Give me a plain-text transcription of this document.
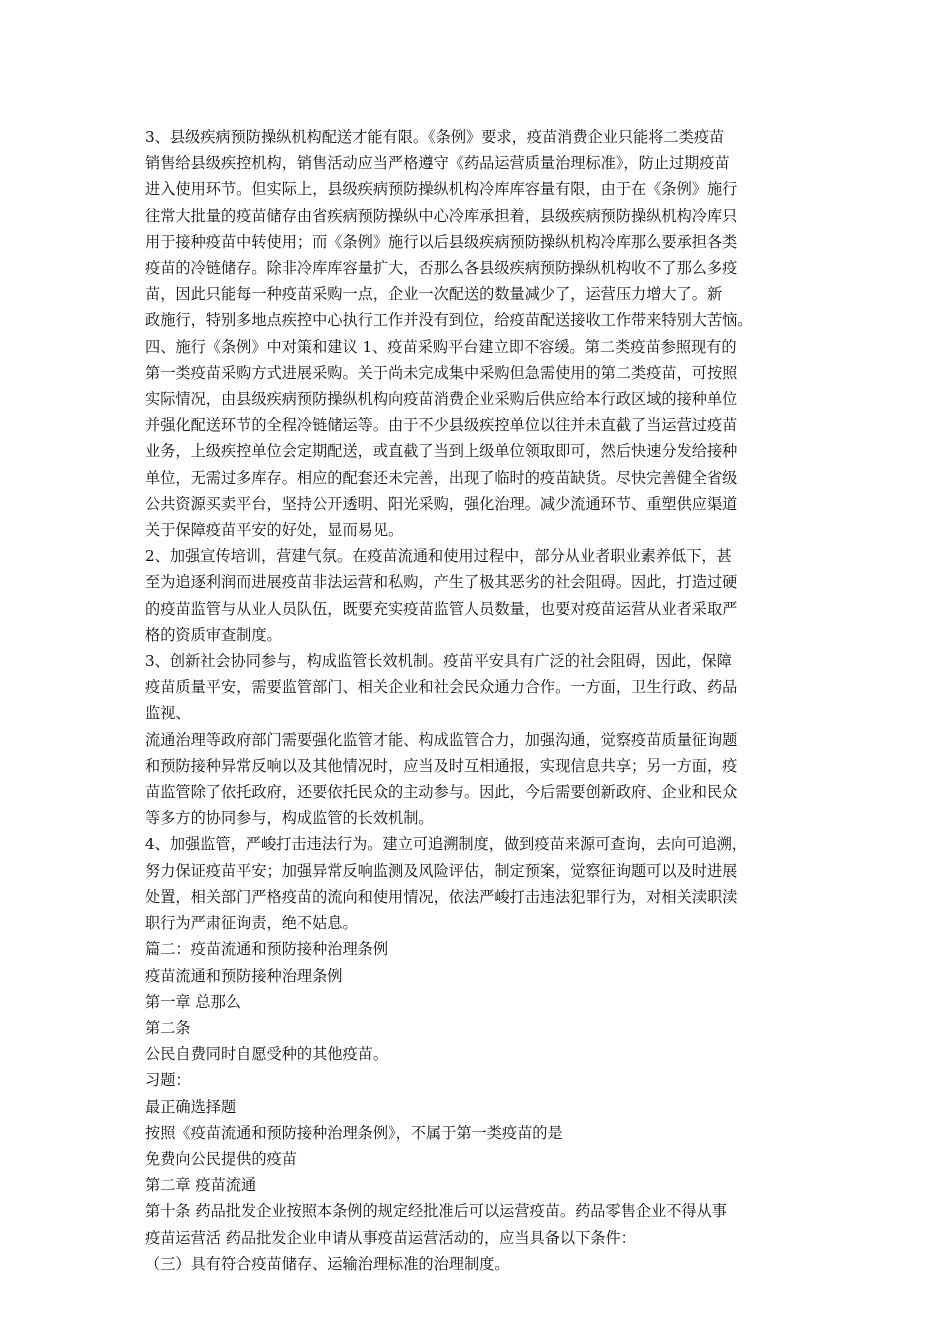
3、县级疾病预防操纵机构配送才能有限。《条例》要求，疫苗消费企业只能将二类疫苗
销售给县级疾控机构，销售活动应当严格遵守《药品运营质量治理标准》，防止过期疫苗
进入使用环节。但实际上，县级疾病预防操纵机构冷库库容量有限，由于在《条例》施行
往常大批量的疫苗储存由省疾病预防操纵中心冷库承担着，县级疾病预防操纵机构冷库只
用于接种疫苗中转使用；而《条例》施行以后县级疾病预防操纵机构冷库那么要承担各类
疫苗的冷链储存。除非冷库库容量扩大，否那么各县级疾病预防操纵机构收不了那么多疫
苗，因此只能每一种疫苗采购一点，企业一次配送的数量减少了，运营压力增大了。新
政施行，特别多地点疾控中心执行工作并没有到位，给疫苗配送接收工作带来特别大苦恼。
四、施行《条例》中对策和建议 1、疫苗采购平台建立即不容缓。第二类疫苗参照现有的
第一类疫苗采购方式进展采购。关于尚未完成集中采购但急需使用的第二类疫苗，可按照
实际情况，由县级疾病预防操纵机构向疫苗消费企业采购后供应给本行政区域的接种单位
并强化配送环节的全程冷链储运等。由于不少县级疾控单位以往并未直截了当运营过疫苗
业务，上级疾控单位会定期配送，或直截了当到上级单位领取即可，然后快速分发给接种
单位，无需过多库存。相应的配套还未完善，出现了临时的疫苗缺货。尽快完善健全省级
公共资源买卖平台，坚持公开透明、阳光采购，强化治理。减少流通环节、重塑供应渠道
关于保障疫苗平安的好处，显而易见。
2、加强宣传培训，营建气氛。在疫苗流通和使用过程中，部分从业者职业素养低下，甚
至为追逐利润而进展疫苗非法运营和私购，产生了极其恶劣的社会阻碍。因此，打造过硬
的疫苗监管与从业人员队伍，既要充实疫苗监管人员数量，也要对疫苗运营从业者采取严
格的资质审查制度。
3、创新社会协同参与，构成监管长效机制。疫苗平安具有广泛的社会阻碍，因此，保障
疫苗质量平安，需要监管部门、相关企业和社会民众通力合作。一方面，卫生行政、药品
监视、
流通治理等政府部门需要强化监管才能、构成监管合力，加强沟通，觉察疫苗质量征询题
和预防接种异常反响以及其他情况时，应当及时互相通报，实现信息共享；另一方面，疫
苗监管除了依托政府，还要依托民众的主动参与。因此，今后需要创新政府、企业和民众
等多方的协同参与，构成监管的长效机制。
4、加强监管，严峻打击违法行为。建立可追溯制度，做到疫苗来源可查询，去向可追溯，
努力保证疫苗平安；加强异常反响监测及风险评估，制定预案，觉察征询题可以及时进展
处置，相关部门严格疫苗的流向和使用情况，依法严峻打击违法犯罪行为，对相关渎职渎
职行为严肃征询责，绝不姑息。
篇二：疫苗流通和预防接种治理条例
疫苗流通和预防接种治理条例
第一章 总那么
第二条
公民自费同时自愿受种的其他疫苗。
习题：
最正确选择题
按照《疫苗流通和预防接种治理条例》，不属于第一类疫苗的是
免费向公民提供的疫苗
第二章 疫苗流通
第十条 药品批发企业按照本条例的规定经批准后可以运营疫苗。药品零售企业不得从事
疫苗运营活 药品批发企业申请从事疫苗运营活动的，应当具备以下条件：
（三）具有符合疫苗储存、运输治理标准的治理制度。
